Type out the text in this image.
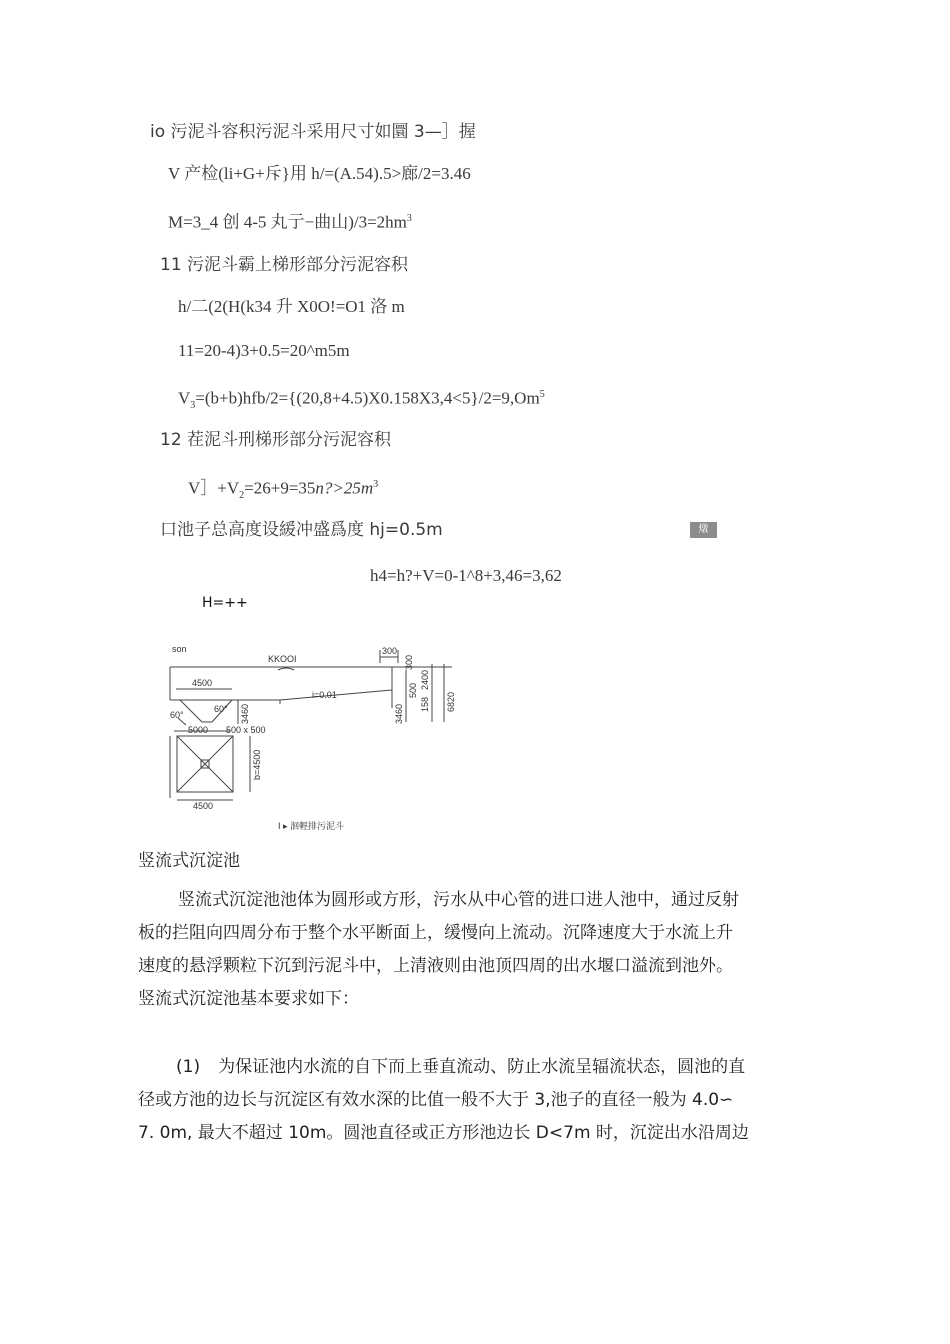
io 污泥斗容积污泥斗采用尺寸如圜 3—］握
V 产检(li+G+斥}用 h/=(A.54).5>廊/2=3.46
M=3_4 创 4-5 丸亍−曲山)$/3=2hm^3$
11 污泥斗霸上梯形部分污泥容积
h/二(2(H(k34 升 X0O!=O1 洛 m
11=20-4)3+0.5=20^m5m
$V_3=(b+b)hfb/2=\{(20,8+4.5)X0.158X3,4<5\}/2=9,Om^5$
12 茬泥斗刑梯形部分污泥容积
$V]+V_2=26+9=35n?>25m^3$
口池子总高度设緩冲盛爲度 hj=0.5m	燉
h4=h?+V=0-1^8+3,46=3,62
H=++
son
KKOOI
300
4500
i=0.01
60°
60° 3460
5000 500 x 500
300
2400
500
158
3460
6820
b=4500
4500
I ▸ 洄輕排污泥斗
竖流式沉淀池
竖流式沉淀池池体为圆形或方形，污水从中心管的进口进人池中，通过反射
板的拦阻向四周分布于整个水平断面上，缓慢向上流动。沉降速度大于水流上升
速度的悬浮颗粒下沉到污泥斗中，上清液则由池顶四周的出水堰口溢流到池外。
竖流式沉淀池基本要求如下：
(1) 为保证池内水流的自下而上垂直流动、防止水流呈辐流状态，圆池的直
径或方池的边长与沉淀区有效水深的比值一般不大于 3,池子的直径一般为 4.0∽
7. 0m, 最大不超过 10m。圆池直径或正方形池边长 D<7m 时，沉淀出水沿周边
